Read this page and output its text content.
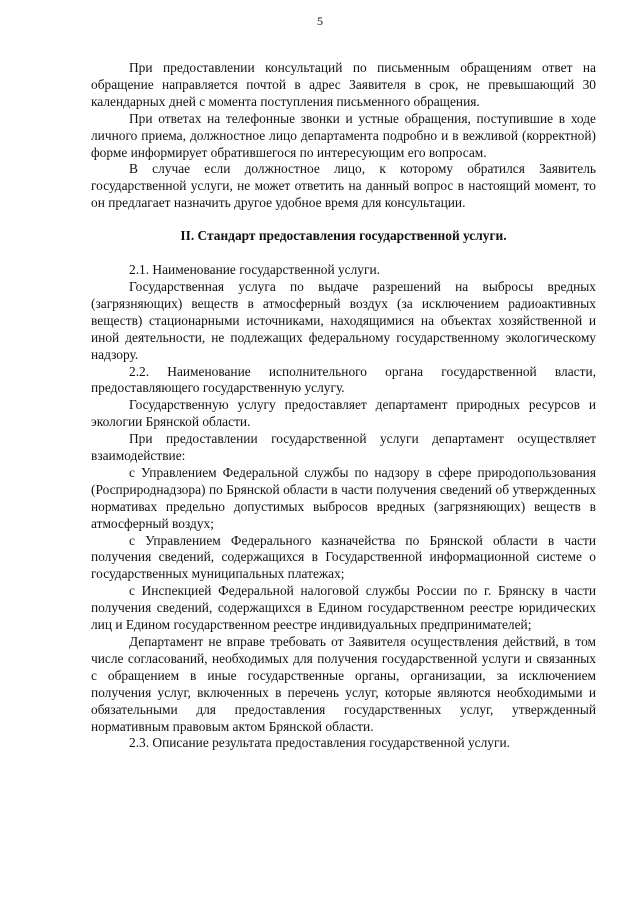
5

При предоставлении консультаций по письменным обращениям ответ на обращение направляется почтой в адрес Заявителя в срок, не превышающий 30 календарных дней с момента поступления письменного обращения.

При ответах на телефонные звонки и устные обращения, поступившие в ходе личного приема, должностное лицо департамента подробно и в вежливой (корректной) форме информирует обратившегося по интересующим его вопросам.

В случае если должностное лицо, к которому обратился Заявитель государственной услуги, не может ответить на данный вопрос в настоящий момент, то он предлагает назначить другое удобное время для консультации.

II. Стандарт предоставления государственной услуги.

2.1. Наименование государственной услуги.

Государственная услуга по выдаче разрешений на выбросы вредных (загрязняющих) веществ в атмосферный воздух (за исключением радиоактивных веществ) стационарными источниками, находящимися на объектах хозяйственной и иной деятельности, не подлежащих федеральному государственному экологическому надзору.

2.2. Наименование исполнительного органа государственной власти, предоставляющего государственную услугу.

Государственную услугу предоставляет департамент природных ресурсов и экологии Брянской области.

При предоставлении государственной услуги департамент осуществляет взаимодействие:

с Управлением Федеральной службы по надзору в сфере природопользования (Росприроднадзора) по Брянской области в части получения сведений об утвержденных нормативах предельно допустимых выбросов вредных (загрязняющих) веществ в атмосферный воздух;

с Управлением Федерального казначейства по Брянской области в части получения сведений, содержащихся в Государственной информационной системе о государственных муниципальных платежах;

с Инспекцией Федеральной налоговой службы России по г. Брянску в части получения сведений, содержащихся в Едином государственном реестре юридических лиц и Едином государственном реестре индивидуальных предпринимателей;

Департамент не вправе требовать от Заявителя осуществления действий, в том числе согласований, необходимых для получения государственной услуги и связанных с обращением в иные государственные органы, организации, за исключением получения услуг, включенных в перечень услуг, которые являются необходимыми и обязательными для предоставления государственных услуг, утвержденный нормативным правовым актом Брянской области.

2.3. Описание результата предоставления государственной услуги.
